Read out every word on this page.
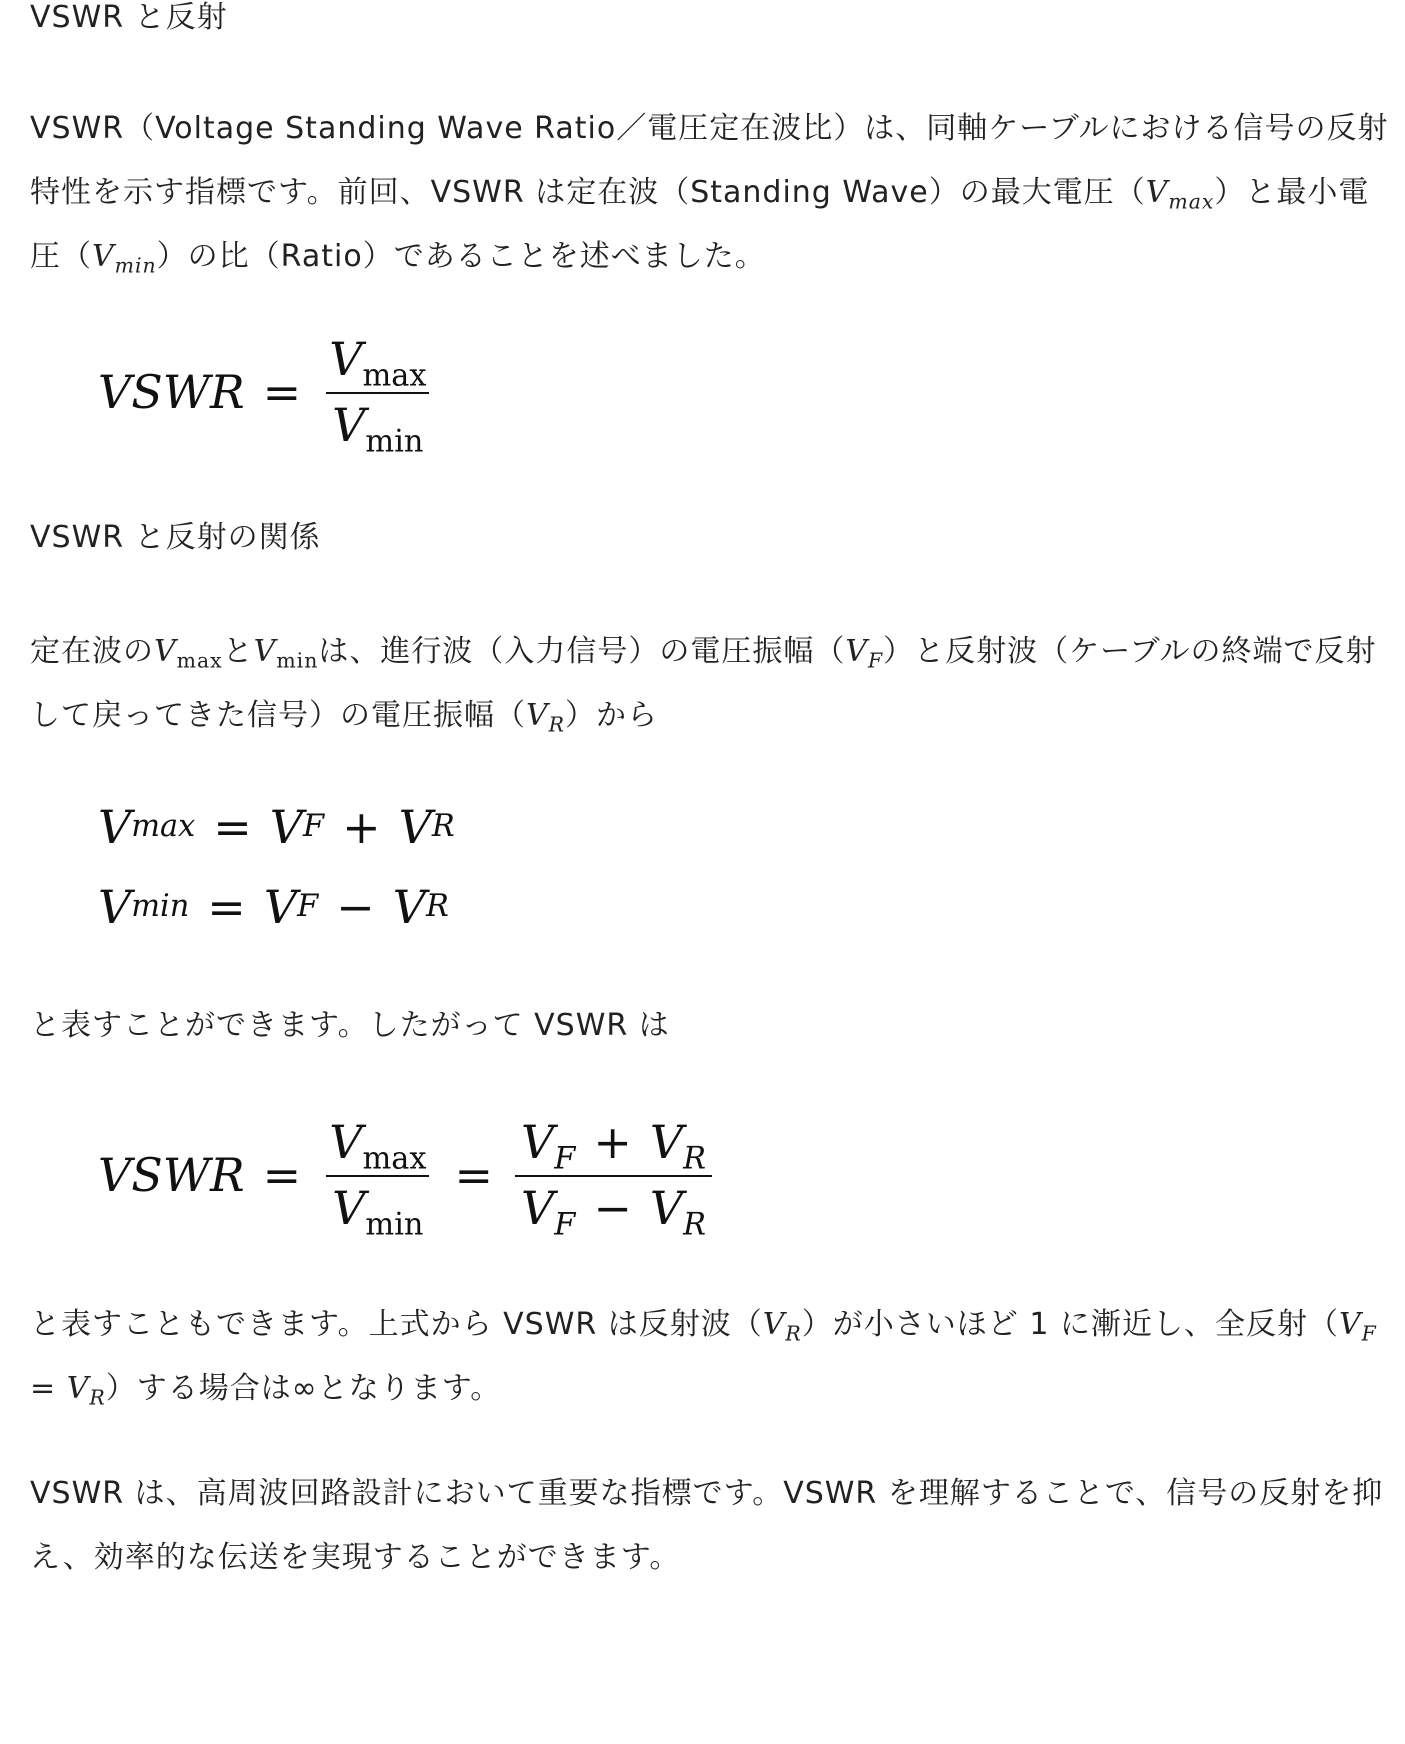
VSWR と反射
VSWR（Voltage Standing Wave Ratio／電圧定在波比）は、同軸ケーブルにおける信号の反射特性を示す指標です。前回、VSWR は定在波（Standing Wave）の最大電圧$(V_{max})$と最小電圧$(V_{min})$の比（Ratio）であることを述べました。
VSWR = $\frac{V_{max}}{V_{min}}$
VSWR と反射の関係
定在波の$V_{max}$と$V_{min}$は、進行波（入力信号）の電圧振幅$(V_F)$と反射波（ケーブルの終端で反射して戻ってきた信号）の電圧振幅$(V_R)$から
V max = V F + V R
V min = V F − V R
と表すことができます。したがって VSWR は
VSWR = $\frac{V_{max}}{V_{min}} = \frac{V_F + V_R}{V_F - V_R}$
と表すこともできます。上式から VSWR は反射波$(V_R)$が小さいほど 1 に漸近し、全反射$(V_F = V_R)$する場合は∞となります。
VSWR は、高周波回路設計において重要な指標です。VSWR を理解することで、信号の反射を抑え、効率的な伝送を実現することができます。
